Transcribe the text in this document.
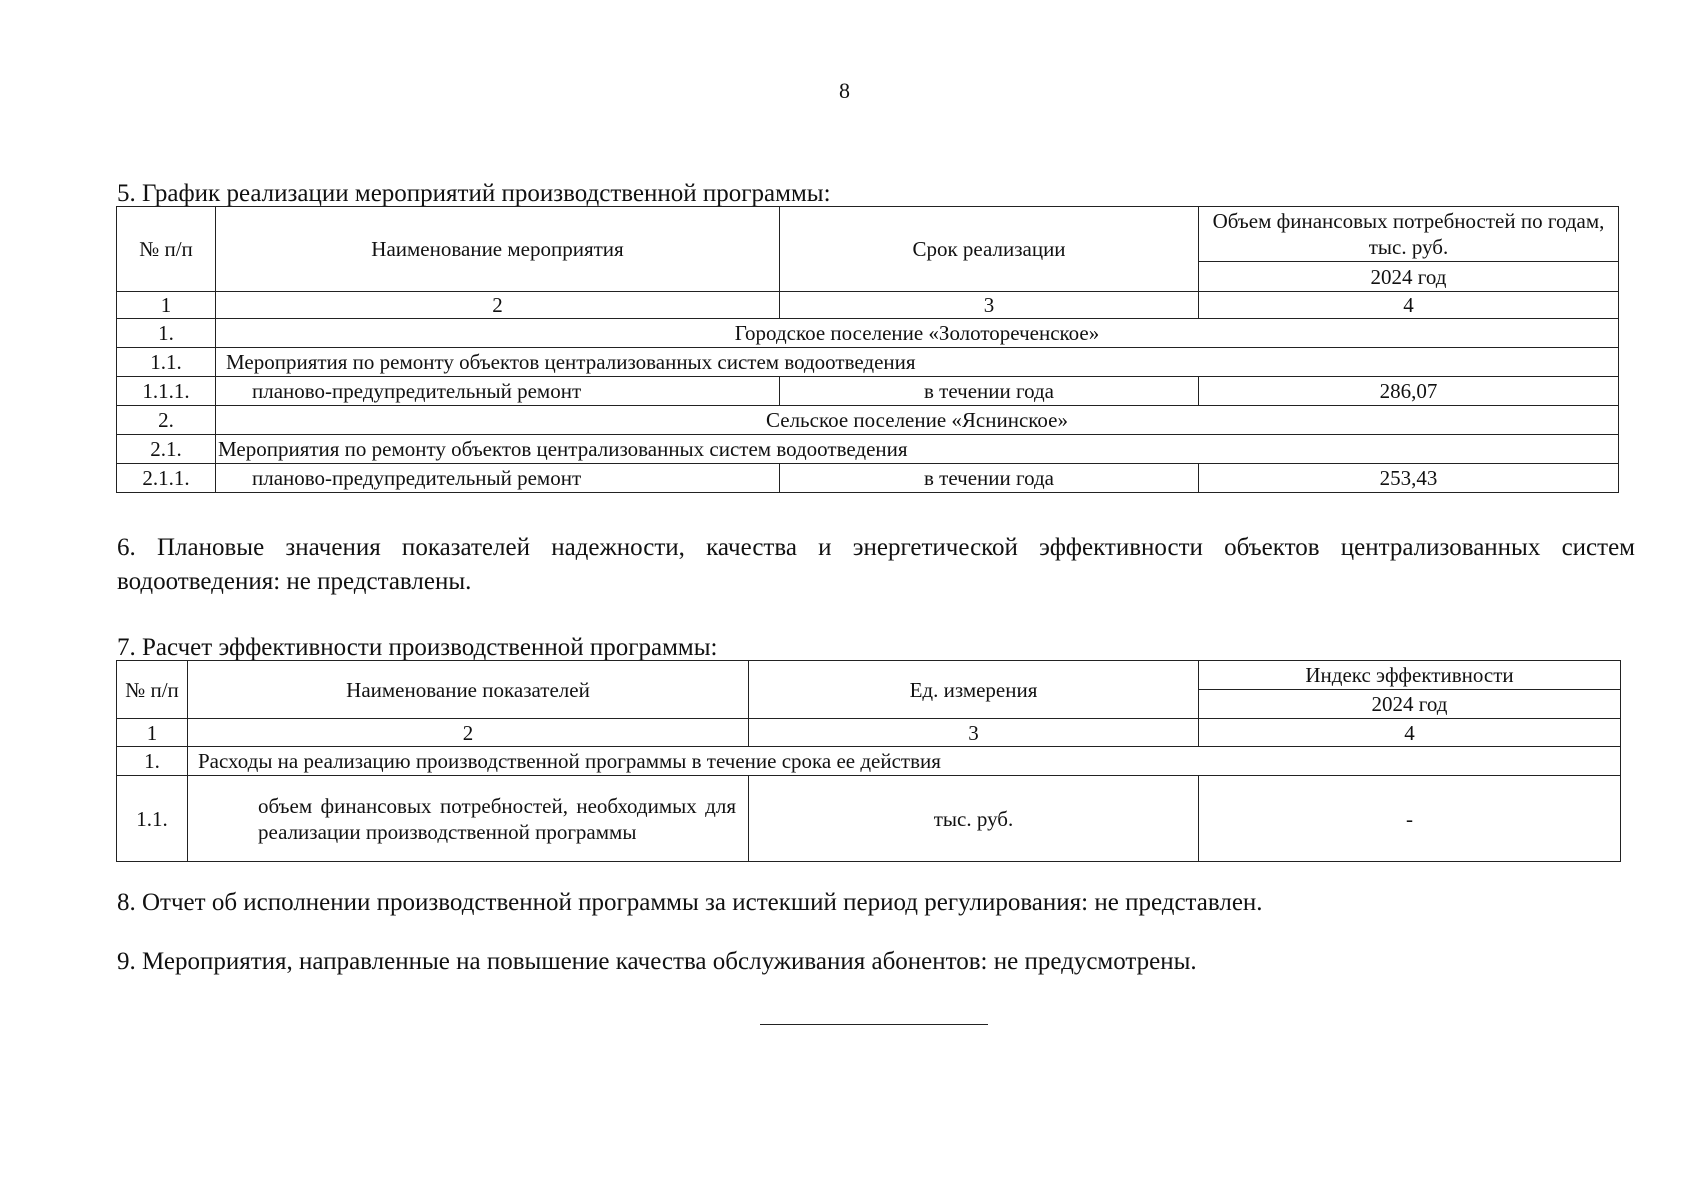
8
5. График реализации мероприятий производственной программы:
№ п/п	Наименование мероприятия	Срок реализации	Объем финансовых потребностей по годам, тыс. руб.
			2024 год
1	2	3	4
1.	Городское поселение «Золотореченское»		
1.1.	Мероприятия по ремонту объектов централизованных систем водоотведения		
1.1.1.	планово-предупредительный ремонт	в течении года	286,07
2.	Сельское поселение «Яснинское»		
2.1.	Мероприятия по ремонту объектов централизованных систем водоотведения		
2.1.1.	планово-предупредительный ремонт	в течении года	253,43
6. Плановые значения показателей надежности, качества и энергетической эффективности объектов централизованных систем водоотведения: не представлены.
7. Расчет эффективности производственной программы:
№ п/п	Наименование показателей	Ед. измерения	Индекс эффективности
			2024 год
1	2	3	4
1.	Расходы на реализацию производственной программы в течение срока ее действия		
1.1.	объем финансовых потребностей, необходимых для реализации производственной программы	тыс. руб.	-
8. Отчет об исполнении производственной программы за истекший период регулирования: не представлен.
9. Мероприятия, направленные на повышение качества обслуживания абонентов: не предусмотрены.
